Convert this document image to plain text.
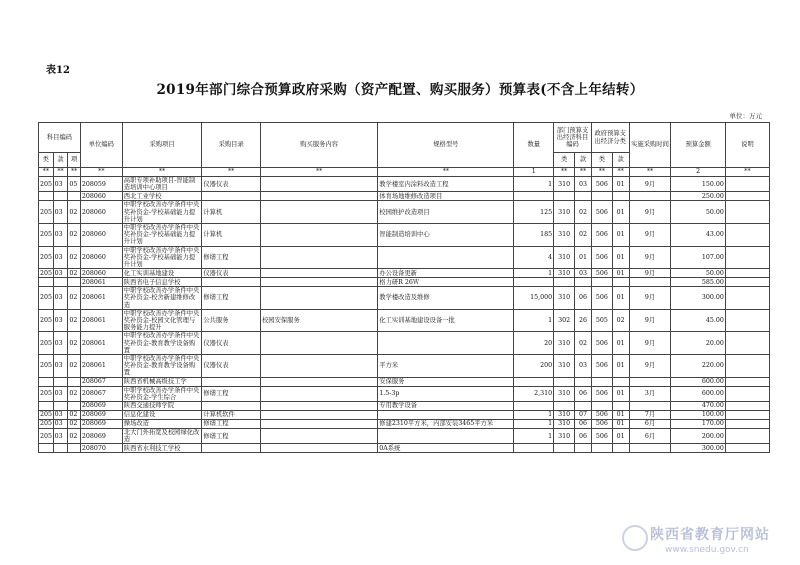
表12
2019年部门综合预算政府采购（资产配置、购买服务）预算表(不含上年结转）
单位：万元
科目编码			单位编码	采购项目	采购目录	购买服务内容	规格型号	数量	部门预算支出经济科目编码		政府预算支出经济分类		实施采购时间	预算金额	说明
类	款	项							类	款	类	款			
**	**	**	**	**	**	**	**	1	**	**	**	**	**	2	**
205	03	05	208059	高职专项补助项目-智能制造培训中心项目	仪器仪表		教学楼室内涂料改造工程	1	310	03	506	01	9月	150.00	
			208060	西北工业学校			体育场地维修改造项目							250.00	
205	03	02	208060	中职学校改善办学条件中央奖补资金-学校基础能力提升计划	计算机		校园维护改造项目	125	310	02	506	01	9月	50.00	
205	03	02	208060	中职学校改善办学条件中央奖补资金-学校基础能力提升计划	计算机		智能制造培训中心	185	310	02	506	01	9月	43.00	
205	03	02	208060	中职学校改善办学条件中央奖补资金-学校基础能力提升计划	修缮工程			4	310	01	506	01	9月	107.00	
205	03	02	208060	化工实训基地建设	仪器仪表		办公设备更新	1	310	03	506	01	9月	50.00	
			208061	陕西省电子信息学校			格力研R 26Ｗ							585.00	
205	03	02	208061	中职学校改善办学条件中央奖补资金-校舍新建维修改造	修缮工程		教学楼改造及维修	15,000	310	06	506	01	9月	300.00	
205	03	02	208061	中职学校改善办学条件中央奖补资金-校园文化管理与服务能力提升	公共服务	校园安保服务	化工实训基地建设设备一批	1	302	26	505	02	9月	45.00	
205	03	02	208061	中职学校改善办学条件中央奖补资金-教育教学设备购置	仪器仪表			20	310	02	506	01	9月	20.00	
205	03	02	208061	中职学校改善办学条件中央奖补资金-教育教学设备购置	仪器仪表		平方米	200	310	03	506	01	9月	220.00	
			208067	陕西省机械高级技工学			安保服务							600.00	
205	03	02	208067	中职学校改善办学条件中央奖补资金-学生综合	修缮工程		1.5-3p	2,310	310	06	506	01	3月	600.00	
			208069	陕西交通技师学院			专用教学设备							470.00	
205	03	02	208069	信息化建设	计算机软件			1	310	07	506	01	7月	100.00	
205	03	02	208069	操场改造	修缮工程		修建2310平方米，内部安装3465平方米	1	310	06	506	01	6月	170.00	
205	03	02	208069	北大门外拓宽及校园绿化改造	修缮工程			1	310	06	506	01	6月	200.00	
			208070	陕西省水利技工学校			0A系统							300.00	
陕西省教育厅网站
www.snedu.gov.cn
